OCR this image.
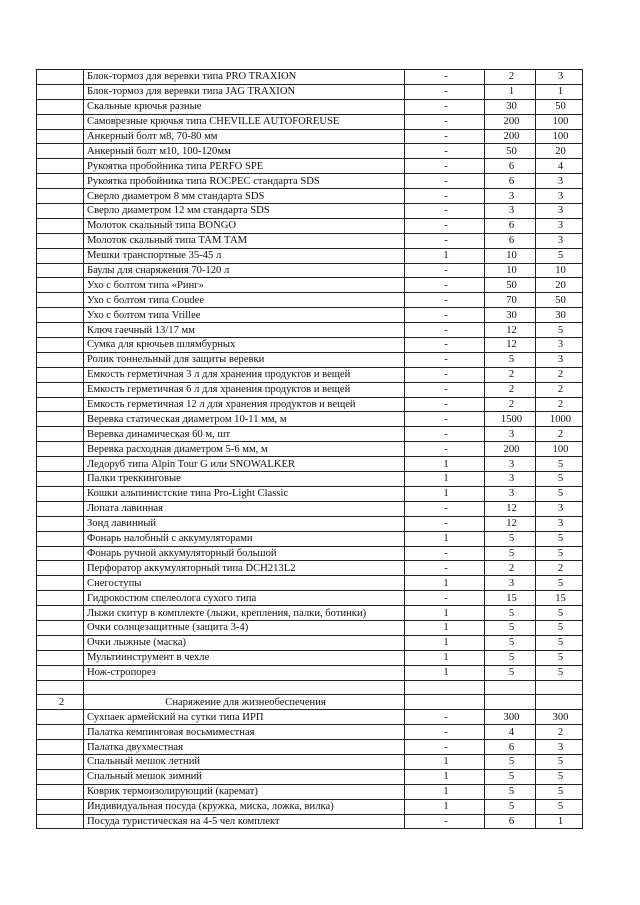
	Блок-тормоз для веревки типа PRO TRAXION	-	2	3
	Блок-тормоз для веревки типа JAG TRAXION	-	1	1
	Скальные крючья разные	-	30	50
	Самоврезные крючья типа CHEVILLE AUTOFOREUSE	-	200	100
	Анкерный болт м8, 70-80 мм	-	200	100
	Анкерный болт м10, 100-120мм	-	50	20
	Рукоятка пробойника типа PERFO SPE	-	6	4
	Рукоятка пробойника типа ROCPEC стандарта SDS	-	6	3
	Сверло диаметром 8 мм стандарта SDS	-	3	3
	Сверло диаметром 12 мм стандарта SDS	-	3	3
	Молоток скальный типа BONGO	-	6	3
	Молоток скальный типа ТАМ ТАМ	-	6	3
	Мешки транспортные 35-45 л	1	10	5
	Баулы для снаряжения 70-120 л	-	10	10
	Ухо с болтом типа «Ринг»	-	50	20
	Ухо с болтом типа Coudee	-	70	50
	Ухо с болтом типа Vrillee	-	30	30
	Ключ гаечный 13/17 мм	-	12	5
	Сумка для крючьев шлямбурных	-	12	3
	Ролик тоннельный для защиты веревки	-	5	3
	Емкость герметичная 3 л для хранения продуктов и вещей	-	2	2
	Емкость герметичная 6 л для хранения продуктов и вещей	-	2	2
	Емкость герметичная 12 л для хранения продуктов и вещей	-	2	2
	Веревка статическая диаметром 10-11 мм, м	-	1500	1000
	Веревка динамическая 60 м, шт	-	3	2
	Веревка расходная диаметром 5-6 мм, м	-	200	100
	Ледоруб типа Alpin Tour G или SNOWALKER	1	3	5
	Палки треккинговые	1	3	5
	Кошки альпинистские типа Pro-Light Classic	1	3	5
	Лопата лавинная	-	12	3
	Зонд лавинный	-	12	3
	Фонарь налобный с аккумуляторами	1	5	5
	Фонарь ручной аккумуляторный большой	-	5	5
	Перфоратор аккумуляторный типа DCH213L2	-	2	2
	Снегоступы	1	3	5
	Гидрокостюм спелеолога сухого типа	-	15	15
	Лыжи скитур в комплекте (лыжи, крепления, палки, ботинки)	1	5	5
	Очки солнцезащитные (защита 3-4)	1	5	5
	Очки лыжные (маска)	1	5	5
	Мультиинструмент в чехле	1	5	5
	Нож-стропорез	1	5	5

2	Снаряжение для жизнеобеспечения			
	Сухпаек армейский на сутки типа ИРП	-	300	300
	Палатка кемпинговая восьмиместная	-	4	2
	Палатка двухместная	-	6	3
	Спальный мешок летний	1	5	5
	Спальный мешок зимний	1	5	5
	Коврик термоизолирующий (каремат)	1	5	5
	Индивидуальная посуда (кружка, миска, ложка, вилка)	1	5	5
	Посуда туристическая на 4-5 чел комплект	-	6	1
